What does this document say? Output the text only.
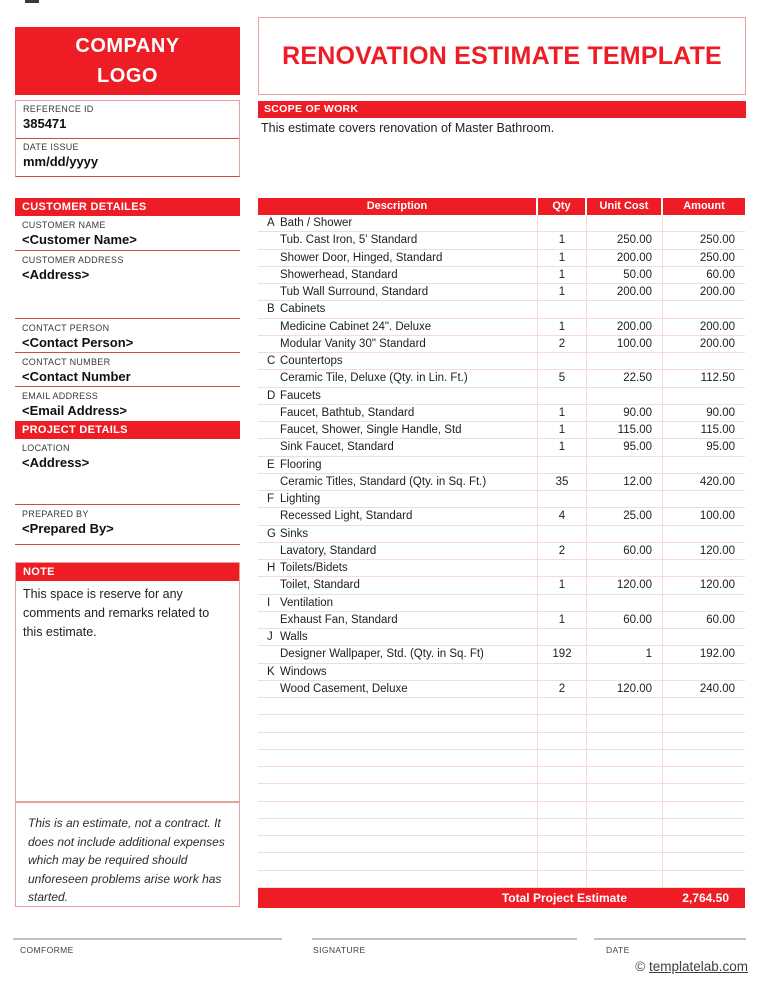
COMPANY
LOGO
RENOVATION ESTIMATE TEMPLATE
REFERENCE ID
385471
DATE ISSUE
mm/dd/yyyy
CUSTOMER DETAILES
CUSTOMER NAME
<Customer Name>
CUSTOMER ADDRESS
<Address>
CONTACT PERSON
<Contact Person>
CONTACT NUMBER
<Contact Number
EMAIL ADDRESS
<Email Address>
PROJECT DETAILS
LOCATION
<Address>
PREPARED BY
<Prepared By>
NOTE
This space is reserve for any comments and remarks related to this estimate.
This is an estimate, not a contract. It does not include additional expenses which may be required should unforeseen problems arise work has started.
SCOPE OF WORK
This estimate covers renovation of Master Bathroom.
Description	Qty	Unit Cost	Amount
A Bath / Shower
Tub. Cast Iron, 5' Standard	1	250.00	250.00
Shower Door, Hinged, Standard	1	200.00	250.00
Showerhead, Standard	1	50.00	60.00
Tub Wall Surround, Standard	1	200.00	200.00
B Cabinets
Medicine Cabinet 24". Deluxe	1	200.00	200.00
Modular Vanity 30" Standard	2	100.00	200.00
C Countertops
Ceramic Tile, Deluxe (Qty. in Lin. Ft.)	5	22.50	112.50
D Faucets
Faucet, Bathtub, Standard	1	90.00	90.00
Faucet, Shower, Single Handle, Std	1	115.00	115.00
Sink Faucet, Standard	1	95.00	95.00
E Flooring
Ceramic Titles, Standard (Qty. in Sq. Ft.)	35	12.00	420.00
F Lighting
Recessed Light, Standard	4	25.00	100.00
G Sinks
Lavatory, Standard	2	60.00	120.00
H Toilets/Bidets
Toilet, Standard	1	120.00	120.00
I Ventilation
Exhaust Fan, Standard	1	60.00	60.00
J Walls
Designer Wallpaper, Std. (Qty. in Sq. Ft)	192	1	192.00
K Windows
Wood Casement, Deluxe	2	120.00	240.00
Total Project Estimate	2,764.50
COMFORME	SIGNATURE	DATE
© templatelab.com
